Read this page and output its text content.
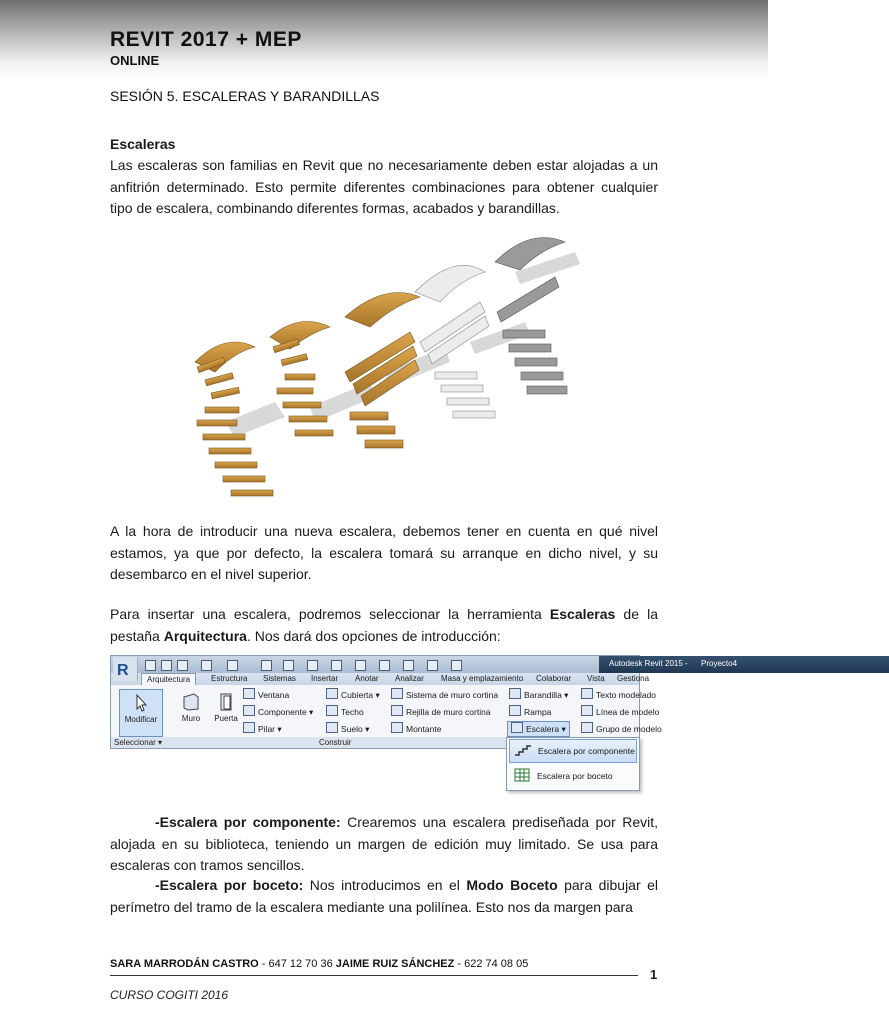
REVIT 2017 + MEP
ONLINE
SESIÓN 5. ESCALERAS Y BARANDILLAS
Escaleras
Las escaleras son familias en Revit que no necesariamente deben estar alojadas a un anfitrión determinado. Esto permite diferentes combinaciones para obtener cualquier tipo de escalera, combinando diferentes formas, acabados y barandillas.
A la hora de introducir una nueva escalera, debemos tener en cuenta en qué nivel estamos, ya que por defecto, la escalera tomará su arranque en dicho nivel, y su desembarco en el nivel superior.
Para insertar una escalera, podremos seleccionar la herramienta Escaleras de la pestaña Arquitectura. Nos dará dos opciones de introducción:
Autodesk Revit 2015 - Proyecto4
R
Arquitectura	Estructura Sistemas Insertar Anotar Analizar Masa y emplazamiento Colaborar Vista Gestiona
Modificar	Muro	Puerta
Ventana
Componente ▾
Pilar ▾
Cubierta ▾
Techo
Suelo ▾
Sistema de muro cortina
Rejilla de muro cortina
Montante
Barandilla ▾
Rampa
Escalera ▾
Texto modelado
Línea de modelo
Grupo de modelo
Seleccionar ▾	Construir
Escalera por componente
Escalera por boceto
-Escalera por componente: Crearemos una escalera prediseñada por Revit, alojada en su biblioteca, teniendo un margen de edición muy limitado. Se usa para escaleras con tramos sencillos.
-Escalera por boceto: Nos introducimos en el Modo Boceto para dibujar el perímetro del tramo de la escalera mediante una polilínea. Esto nos da margen para
SARA MARRODÁN CASTRO - 647 12 70 36 JAIME RUIZ SÁNCHEZ - 622 74 08 05
1
CURSO COGITI 2016
